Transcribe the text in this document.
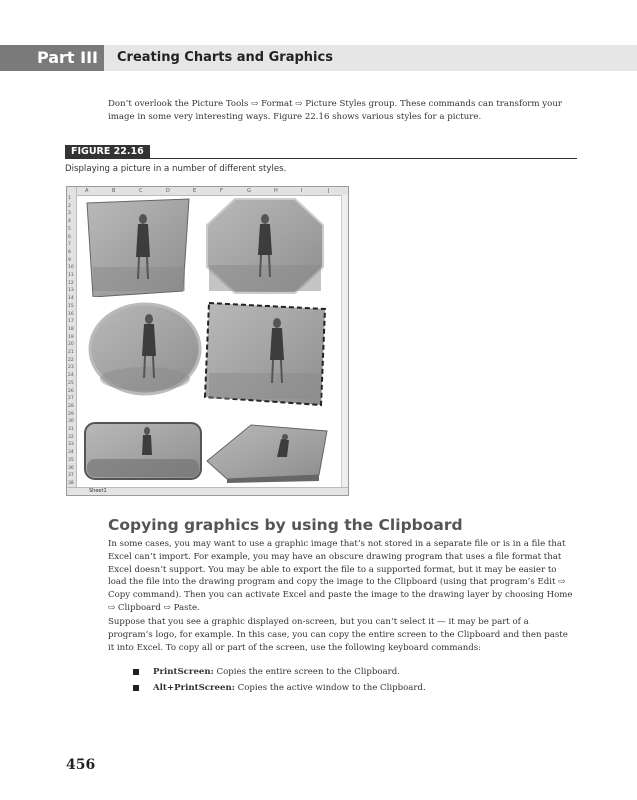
Part III	Creating Charts and Graphics

Don’t overlook the Picture Tools ⇨ Format ⇨ Picture Styles group. These commands can transform your image in some very interesting ways. Figure 22.16 shows various styles for a picture.

FIGURE 22.16
Displaying a picture in a number of different styles.
A	B	C	D	E	F	G	H	I	J
1
2
3
4
5
6
7
8
9
10
11
12
13
14
15
16
17
18
19
20
21
22
23
24
25
26
27
28
29
30
31
32
33
34
35
36
37
38
Sheet1
Copying graphics by using the Clipboard

In some cases, you may want to use a graphic image that’s not stored in a separate file or is in a file that Excel can’t import. For example, you may have an obscure drawing program that uses a file format that Excel doesn’t support. You may be able to export the file to a supported format, but it may be easier to load the file into the drawing program and copy the image to the Clipboard (using that program’s Edit ⇨ Copy command). Then you can activate Excel and paste the image to the drawing layer by choosing Home ⇨ Clipboard ⇨ Paste.

Suppose that you see a graphic displayed on-screen, but you can’t select it — it may be part of a program’s logo, for example. In this case, you can copy the entire screen to the Clipboard and then paste it into Excel. To copy all or part of the screen, use the following keyboard commands:

PrintScreen: Copies the entire screen to the Clipboard.
Alt+PrintScreen: Copies the active window to the Clipboard.
456
